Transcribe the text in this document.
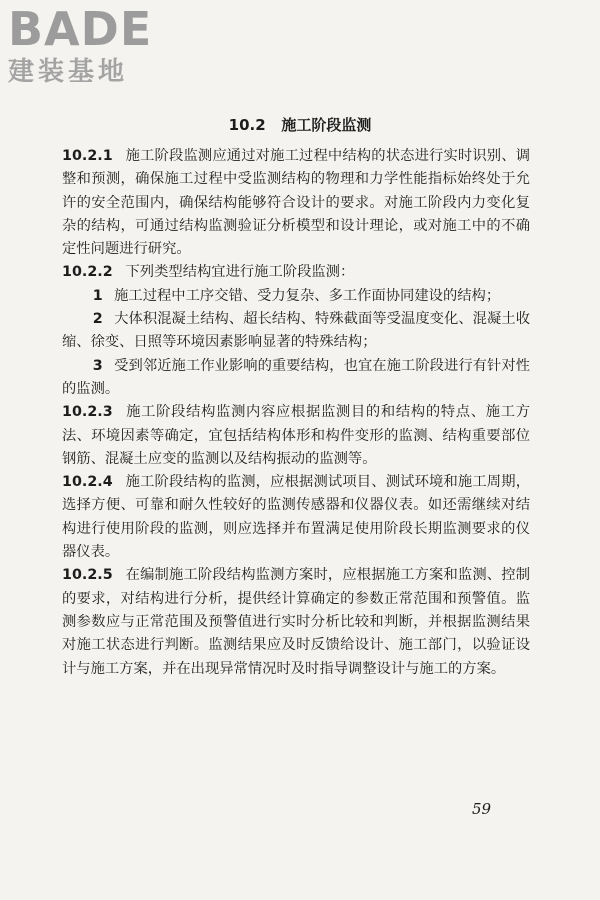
BADE
建装基地
10.2 施工阶段监测

10.2.1 施工阶段监测应通过对施工过程中结构的状态进行实时识别、调整和预测，确保施工过程中受监测结构的物理和力学性能指标始终处于允许的安全范围内，确保结构能够符合设计的要求。对施工阶段内力变化复杂的结构，可通过结构监测验证分析模型和设计理论，或对施工中的不确定性问题进行研究。

10.2.2 下列类型结构宜进行施工阶段监测：

1 施工过程中工序交错、受力复杂、多工作面协同建设的结构；

2 大体积混凝土结构、超长结构、特殊截面等受温度变化、混凝土收缩、徐变、日照等环境因素影响显著的特殊结构；

3 受到邻近施工作业影响的重要结构，也宜在施工阶段进行有针对性的监测。

10.2.3 施工阶段结构监测内容应根据监测目的和结构的特点、施工方法、环境因素等确定，宜包括结构体形和构件变形的监测、结构重要部位钢筋、混凝土应变的监测以及结构振动的监测等。

10.2.4 施工阶段结构的监测，应根据测试项目、测试环境和施工周期，选择方便、可靠和耐久性较好的监测传感器和仪器仪表。如还需继续对结构进行使用阶段的监测，则应选择并布置满足使用阶段长期监测要求的仪器仪表。

10.2.5 在编制施工阶段结构监测方案时，应根据施工方案和监测、控制的要求，对结构进行分析，提供经计算确定的参数正常范围和预警值。监测参数应与正常范围及预警值进行实时分析比较和判断，并根据监测结果对施工状态进行判断。监测结果应及时反馈给设计、施工部门，以验证设计与施工方案，并在出现异常情况时及时指导调整设计与施工的方案。

59
